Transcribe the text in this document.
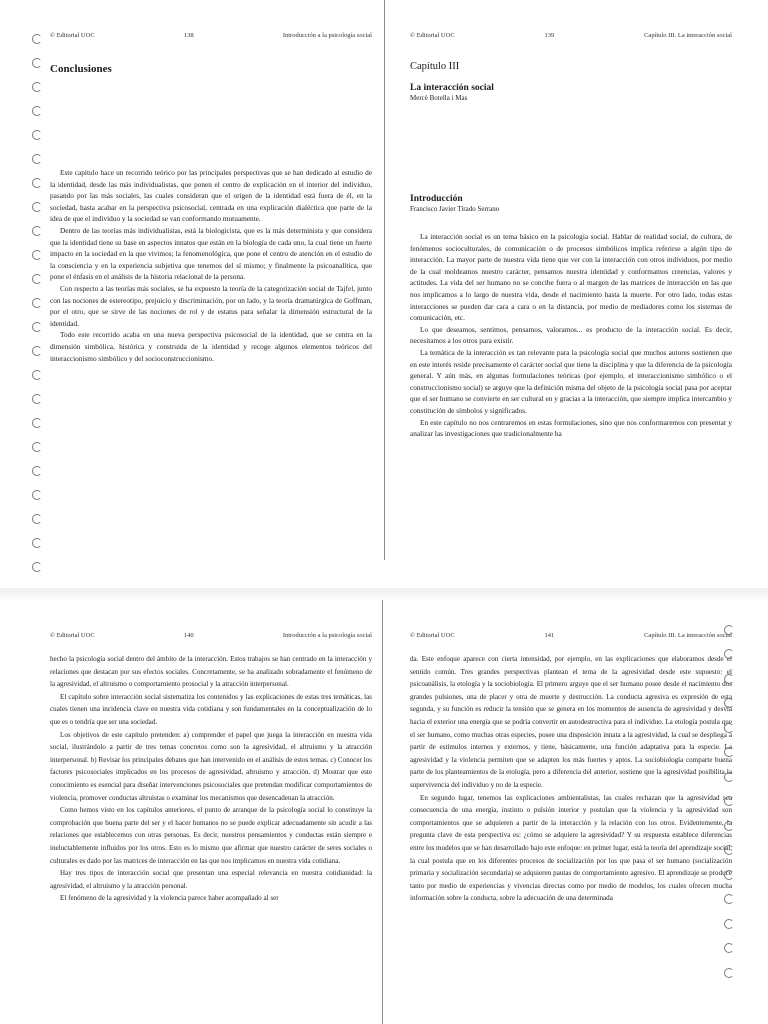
© Editorial UOC	138	Introducción a la psicología social
Conclusiones

Este capítulo hace un recorrido teórico por las principales perspectivas que se han dedicado al estudio de la identidad, desde las más individualistas, que ponen el centro de explicación en el interior del individuo, pasando por las más sociales, las cuales consideran que el origen de la identidad está fuera de él, en la sociedad, hasta acabar en la perspectiva psicosocial, centrada en una explicación dialéctica que parte de la idea de que el individuo y la sociedad se van conformando mutuamente.

Dentro de las teorías más individualistas, está la biologicista, que es la más determinista y que considera que la identidad tiene su base en aspectos innatos que están en la biología de cada uno, la cual tiene un fuerte impacto en la sociedad en la que vivimos; la fenomenológica, que pone el centro de atención en el estudio de la consciencia y en la experiencia subjetiva que tenemos del sí mismo; y finalmente la psicoanalítica, que pone el énfasis en el análisis de la historia relacional de la persona.

Con respecto a las teorías más sociales, se ha expuesto la teoría de la categorización social de Tajfel, junto con las nociones de estereotipo, prejuicio y discriminación, por un lado, y la teoría dramatúrgica de Goffman, por el otro, que se sirve de las nociones de rol y de estatus para señalar la dimensión estructural de la identidad.

Todo este recorrido acaba en una nueva perspectiva psicosocial de la identidad, que se centra en la dimensión simbólica, histórica y construida de la identidad y recoge algunos elementos teóricos del interaccionismo simbólico y del socioconstruccionismo.

© Editorial UOC	139	Capítulo III. La interacción social
Capítulo III
La interacción social
Mercè Botella i Mas
Introducción
Francisco Javier Tirado Serrano

La interacción social es un tema básico en la psicología social. Hablar de realidad social, de cultura, de fenómenos socioculturales, de comunicación o de procesos simbólicos implica referirse a algún tipo de interacción. La mayor parte de nuestra vida tiene que ver con la interacción con otros individuos, por medio de la cual moldeamos nuestro carácter, pensamos nuestra identidad y conformamos creencias, valores y actitudes. La vida del ser humano no se concibe fuera o al margen de las matrices de interacción en las que nos implicamos a lo largo de nuestra vida, desde el nacimiento hasta la muerte. Por otro lado, todas estas interacciones se pueden dar cara a cara o en la distancia, por medio de mediadores como los sistemas de comunicación, etc.

Lo que deseamos, sentimos, pensamos, valoramos... es producto de la interacción social. Es decir, necesitamos a los otros para existir.

La temática de la interacción es tan relevante para la psicología social que muchos autores sostienen que en este interés reside precisamente el carácter social que tiene la disciplina y que la diferencia de la psicología general. Y aún más, en algunas formulaciones teóricas (por ejemplo, el interaccionismo simbólico o el construccionismo social) se arguye que la definición misma del objeto de la psicología social pasa por aceptar que el ser humano se convierte en ser cultural en y gracias a la interacción, que siempre implica intercambio y constitución de símbolos y significados.

En este capítulo no nos centraremos en estas formulaciones, sino que nos conformaremos con presentar y analizar las investigaciones que tradicionalmente ha

© Editorial UOC	140	Introducción a la psicología social

hecho la psicología social dentro del ámbito de la interacción. Estos trabajos se han centrado en la interacción y relaciones que destacan por sus efectos sociales. Concretamente, se ha analizado sobradamente el fenómeno de la agresividad, el altruismo o comportamiento prosocial y la atracción interpersonal.

El capítulo sobre interacción social sistematiza los contenidos y las explicaciones de estas tres temáticas, las cuales tienen una incidencia clave en nuestra vida cotidiana y son fundamentales en la conceptualización de lo que es o tendría que ser una sociedad.

Los objetivos de este capítulo pretenden: a) comprender el papel que juega la interacción en nuestra vida social, ilustrándolo a partir de tres temas concretos como son la agresividad, el altruismo y la atracción interpersonal. b) Revisar los principales debates que han intervenido en el análisis de estos temas. c) Conocer los factores psicosociales implicados en los procesos de agresividad, altruismo y atracción. d) Mostrar que este conocimiento es esencial para diseñar intervenciones psicosociales que pretendan modificar comportamientos de violencia, promover conductas altruistas o examinar los mecanismos que desencadenan la atracción.

Como hemos visto en los capítulos anteriores, el punto de arranque de la psicología social lo constituye la comprobación que buena parte del ser y el hacer humanos no se puede explicar adecuadamente sin acudir a las relaciones que establecemos con otras personas. Es decir, nuestros pensamientos y conductas están siempre e ineluctablemente influidos por los otros. Esto es lo mismo que afirmar que nuestro carácter de seres sociales o culturales es dado por las matrices de interacción en las que nos implicamos en nuestra vida cotidiana.

Hay tres tipos de interacción social que presentan una especial relevancia en nuestra cotidianidad: la agresividad, el altruismo y la atracción personal.

El fenómeno de la agresividad y la violencia parece haber acompañado al ser

© Editorial UOC	141	Capítulo III. La interacción social

da. Este enfoque aparece con cierta intensidad, por ejemplo, en las explicaciones que elaboramos desde el sentido común. Tres grandes perspectivas plantean el tema de la agresividad desde este supuesto: el psicoanálisis, la etología y la sociobiología. El primero arguye que el ser humano posee desde el nacimiento dos grandes pulsiones, una de placer y otra de muerte y destrucción. La conducta agresiva es expresión de esta segunda, y su función es reducir la tensión que se genera en los momentos de ausencia de agresividad y desvía hacia el exterior una energía que se podría convertir en autodestructiva para el individuo. La etología postula que el ser humano, como muchas otras especies, posee una disposición innata a la agresividad, la cual se despliega a partir de estímulos internos y externos, y tiene, básicamente, una función adaptativa para la especie. La agresividad y la violencia permiten que se adapten los más fuertes y aptos. La sociobiología comparte buena parte de los planteamientos de la etología, pero a diferencia del anterior, sostiene que la agresividad posibilita la supervivencia del individuo y no de la especie.

En segundo lugar, tenemos las explicaciones ambientalistas, las cuales rechazan que la agresividad sea consecuencia de una energía, instinto o pulsión interior y postulan que la violencia y la agresividad son comportamientos que se adquieren a partir de la interacción y la relación con los otros. Evidentemente, la pregunta clave de esta perspectiva es: ¿cómo se adquiere la agresividad? Y su respuesta establece diferencias entre los modelos que se han desarrollado bajo este enfoque: en primer lugar, está la teoría del aprendizaje social, la cual postula que en los diferentes procesos de socialización por los que pasa el ser humano (socialización primaria y socialización secundaria) se adquieren pautas de comportamiento agresivo. El aprendizaje se produce tanto por medio de experiencias y vivencias directas como por medio de modelos, los cuales ofrecen mucha información sobre la conducta, sobre la adecuación de una determinada
